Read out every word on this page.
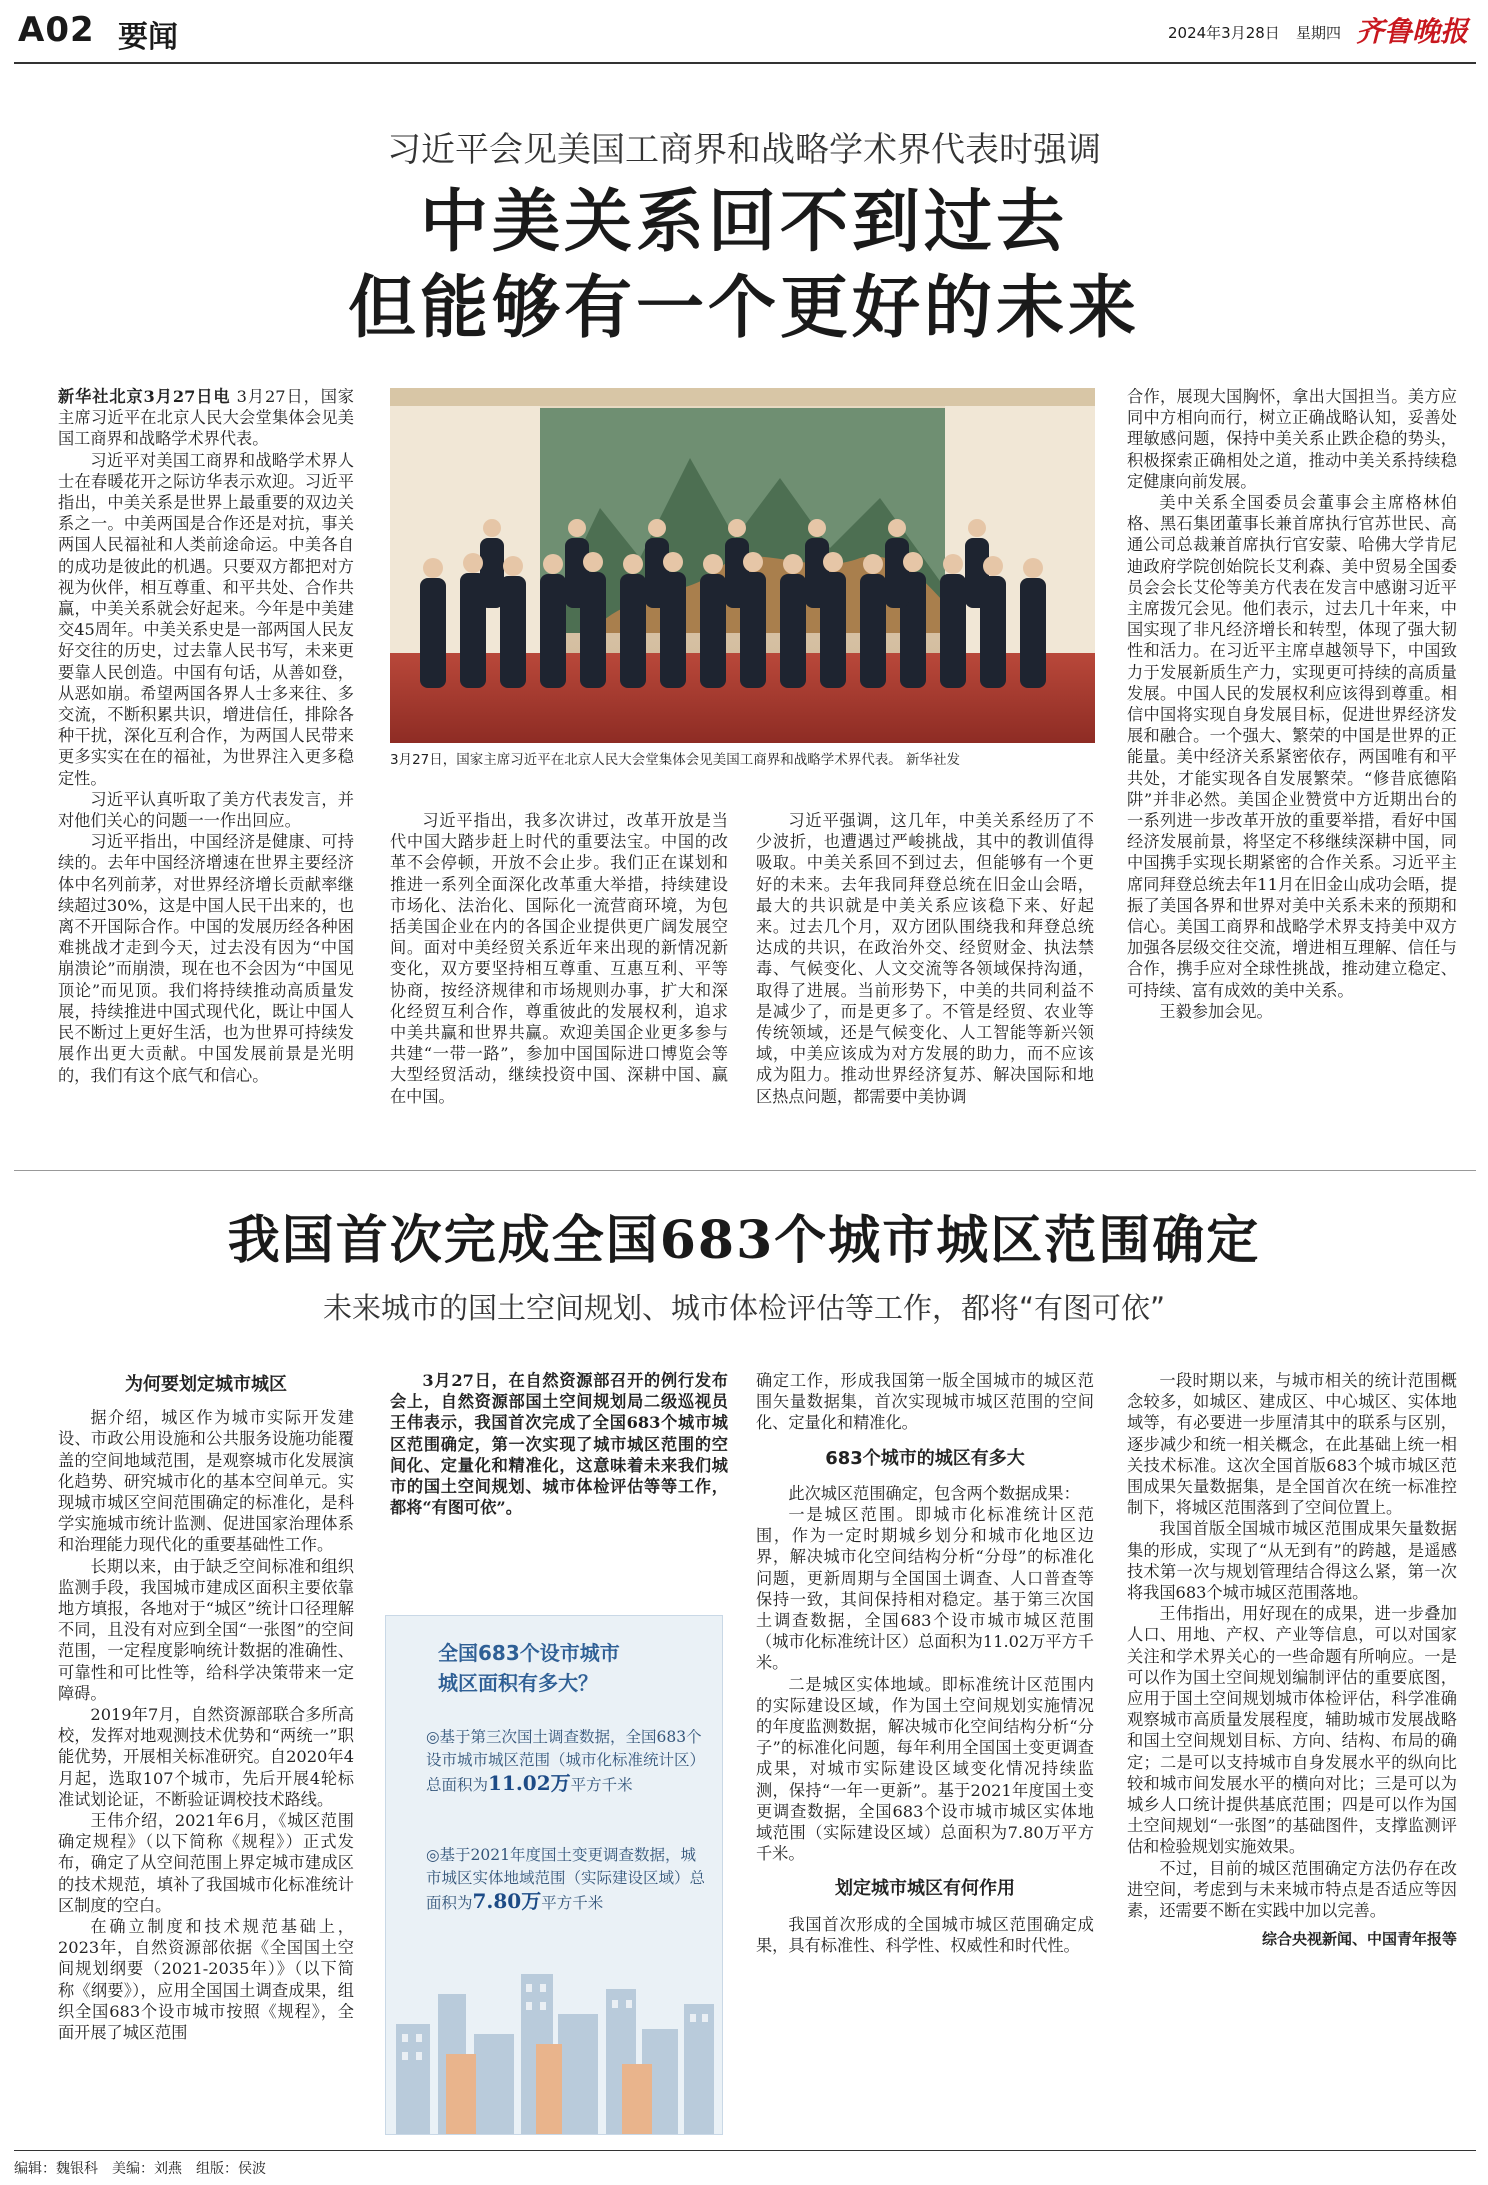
A02 要闻	2024年3月28日 星期四 齐鲁晚报
习近平会见美国工商界和战略学术界代表时强调
中美关系回不到过去
但能够有一个更好的未来

新华社北京3月27日电 3月27日，国家主席习近平在北京人民大会堂集体会见美国工商界和战略学术界代表。

习近平对美国工商界和战略学术界人士在春暖花开之际访华表示欢迎。习近平指出，中美关系是世界上最重要的双边关系之一。中美两国是合作还是对抗，事关两国人民福祉和人类前途命运。中美各自的成功是彼此的机遇。只要双方都把对方视为伙伴，相互尊重、和平共处、合作共赢，中美关系就会好起来。今年是中美建交45周年。中美关系史是一部两国人民友好交往的历史，过去靠人民书写，未来更要靠人民创造。中国有句话，从善如登，从恶如崩。希望两国各界人士多来往、多交流，不断积累共识，增进信任，排除各种干扰，深化互利合作，为两国人民带来更多实实在在的福祉，为世界注入更多稳定性。

习近平认真听取了美方代表发言，并对他们关心的问题一一作出回应。

习近平指出，中国经济是健康、可持续的。去年中国经济增速在世界主要经济体中名列前茅，对世界经济增长贡献率继续超过30%，这是中国人民干出来的，也离不开国际合作。中国的发展历经各种困难挑战才走到今天，过去没有因为“中国崩溃论”而崩溃，现在也不会因为“中国见顶论”而见顶。我们将持续推动高质量发展，持续推进中国式现代化，既让中国人民不断过上更好生活，也为世界可持续发展作出更大贡献。中国发展前景是光明的，我们有这个底气和信心。

3月27日，国家主席习近平在北京人民大会堂集体会见美国工商界和战略学术界代表。 新华社发

习近平指出，我多次讲过，改革开放是当代中国大踏步赶上时代的重要法宝。中国的改革不会停顿，开放不会止步。我们正在谋划和推进一系列全面深化改革重大举措，持续建设市场化、法治化、国际化一流营商环境，为包括美国企业在内的各国企业提供更广阔发展空间。面对中美经贸关系近年来出现的新情况新变化，双方要坚持相互尊重、互惠互利、平等协商，按经济规律和市场规则办事，扩大和深化经贸互利合作，尊重彼此的发展权利，追求中美共赢和世界共赢。欢迎美国企业更多参与共建“一带一路”，参加中国国际进口博览会等大型经贸活动，继续投资中国、深耕中国、赢在中国。

习近平强调，这几年，中美关系经历了不少波折，也遭遇过严峻挑战，其中的教训值得吸取。中美关系回不到过去，但能够有一个更好的未来。去年我同拜登总统在旧金山会晤，最大的共识就是中美关系应该稳下来、好起来。过去几个月，双方团队围绕我和拜登总统达成的共识，在政治外交、经贸财金、执法禁毒、气候变化、人文交流等各领域保持沟通，取得了进展。当前形势下，中美的共同利益不是减少了，而是更多了。不管是经贸、农业等传统领域，还是气候变化、人工智能等新兴领域，中美应该成为对方发展的助力，而不应该成为阻力。推动世界经济复苏、解决国际和地区热点问题，都需要中美协调

合作，展现大国胸怀，拿出大国担当。美方应同中方相向而行，树立正确战略认知，妥善处理敏感问题，保持中美关系止跌企稳的势头，积极探索正确相处之道，推动中美关系持续稳定健康向前发展。

美中关系全国委员会董事会主席格林伯格、黑石集团董事长兼首席执行官苏世民、高通公司总裁兼首席执行官安蒙、哈佛大学肯尼迪政府学院创始院长艾利森、美中贸易全国委员会会长艾伦等美方代表在发言中感谢习近平主席拨冗会见。他们表示，过去几十年来，中国实现了非凡经济增长和转型，体现了强大韧性和活力。在习近平主席卓越领导下，中国致力于发展新质生产力，实现更可持续的高质量发展。中国人民的发展权利应该得到尊重。相信中国将实现自身发展目标，促进世界经济发展和融合。一个强大、繁荣的中国是世界的正能量。美中经济关系紧密依存，两国唯有和平共处，才能实现各自发展繁荣。“修昔底德陷阱”并非必然。美国企业赞赏中方近期出台的一系列进一步改革开放的重要举措，看好中国经济发展前景，将坚定不移继续深耕中国，同中国携手实现长期紧密的合作关系。习近平主席同拜登总统去年11月在旧金山成功会晤，提振了美国各界和世界对美中关系未来的预期和信心。美国工商界和战略学术界支持美中双方加强各层级交往交流，增进相互理解、信任与合作，携手应对全球性挑战，推动建立稳定、可持续、富有成效的美中关系。

王毅参加会见。

我国首次完成全国683个城市城区范围确定
未来城市的国土空间规划、城市体检评估等工作，都将“有图可依”
为何要划定城市城区

据介绍，城区作为城市实际开发建设、市政公用设施和公共服务设施功能覆盖的空间地域范围，是观察城市化发展演化趋势、研究城市化的基本空间单元。实现城市城区空间范围确定的标准化，是科学实施城市统计监测、促进国家治理体系和治理能力现代化的重要基础性工作。

长期以来，由于缺乏空间标准和组织监测手段，我国城市建成区面积主要依靠地方填报，各地对于“城区”统计口径理解不同，且没有对应到全国“一张图”的空间范围，一定程度影响统计数据的准确性、可靠性和可比性等，给科学决策带来一定障碍。

2019年7月，自然资源部联合多所高校，发挥对地观测技术优势和“两统一”职能优势，开展相关标准研究。自2020年4月起，选取107个城市，先后开展4轮标准试划论证，不断验证调校技术路线。

王伟介绍，2021年6月，《城区范围确定规程》（以下简称《规程》）正式发布，确定了从空间范围上界定城市建成区的技术规范，填补了我国城市化标准统计区制度的空白。

在确立制度和技术规范基础上，2023年，自然资源部依据《全国国土空间规划纲要（2021-2035年）》（以下简称《纲要》），应用全国国土调查成果，组织全国683个设市城市按照《规程》，全面开展了城区范围

3月27日，在自然资源部召开的例行发布会上，自然资源部国土空间规划局二级巡视员王伟表示，我国首次完成了全国683个城市城区范围确定，第一次实现了城市城区范围的空间化、定量化和精准化，这意味着未来我们城市的国土空间规划、城市体检评估等等工作，都将“有图可依”。

全国683个设市城市
城区面积有多大？
◎基于第三次国土调查数据，全国683个设市城市城区范围（城市化标准统计区）总面积为11.02万平方千米
◎基于2021年度国土变更调查数据，城市城区实体地域范围（实际建设区域）总面积为7.80万平方千米

确定工作，形成我国第一版全国城市的城区范围矢量数据集，首次实现城市城区范围的空间化、定量化和精准化。

683个城市的城区有多大

此次城区范围确定，包含两个数据成果：

一是城区范围。即城市化标准统计区范围，作为一定时期城乡划分和城市化地区边界，解决城市化空间结构分析“分母”的标准化问题，更新周期与全国国土调查、人口普查等保持一致，其间保持相对稳定。基于第三次国土调查数据，全国683个设市城市城区范围（城市化标准统计区）总面积为11.02万平方千米。

二是城区实体地域。即标准统计区范围内的实际建设区域，作为国土空间规划实施情况的年度监测数据，解决城市化空间结构分析“分子”的标准化问题，每年利用全国国土变更调查成果，对城市实际建设区域变化情况持续监测，保持“一年一更新”。基于2021年度国土变更调查数据，全国683个设市城市城区实体地域范围（实际建设区域）总面积为7.80万平方千米。

划定城市城区有何作用

我国首次形成的全国城市城区范围确定成果，具有标准性、科学性、权威性和时代性。

一段时期以来，与城市相关的统计范围概念较多，如城区、建成区、中心城区、实体地域等，有必要进一步厘清其中的联系与区别，逐步减少和统一相关概念，在此基础上统一相关技术标准。这次全国首版683个城市城区范围成果矢量数据集，是全国首次在统一标准控制下，将城区范围落到了空间位置上。

我国首版全国城市城区范围成果矢量数据集的形成，实现了“从无到有”的跨越，是遥感技术第一次与规划管理结合得这么紧，第一次将我国683个城市城区范围落地。

王伟指出，用好现在的成果，进一步叠加人口、用地、产权、产业等信息，可以对国家关注和学术界关心的一些命题有所响应。一是可以作为国土空间规划编制评估的重要底图，应用于国土空间规划城市体检评估，科学准确观察城市高质量发展程度，辅助城市发展战略和国土空间规划目标、方向、结构、布局的确定；二是可以支持城市自身发展水平的纵向比较和城市间发展水平的横向对比；三是可以为城乡人口统计提供基底范围；四是可以作为国土空间规划“一张图”的基础图件，支撑监测评估和检验规划实施效果。

不过，目前的城区范围确定方法仍存在改进空间，考虑到与未来城市特点是否适应等因素，还需要不断在实践中加以完善。

综合央视新闻、中国青年报等

编辑：魏银科　美编：刘燕　组版：侯波
